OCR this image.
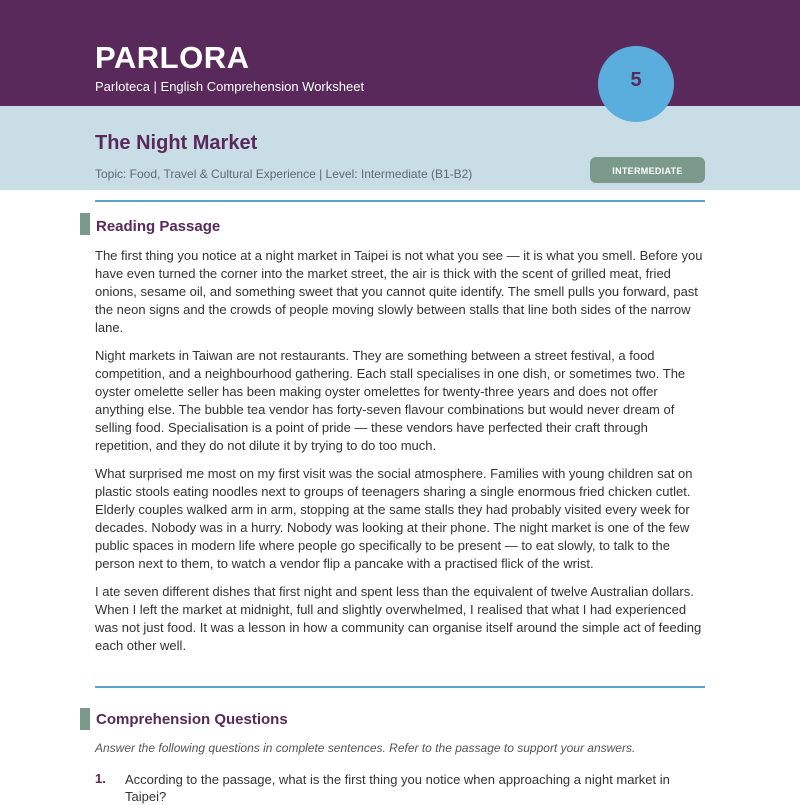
PARLORA
Parloteca | English Comprehension Worksheet
The Night Market
Topic: Food, Travel & Cultural Experience | Level: Intermediate (B1-B2)
5
INTERMEDIATE
Reading Passage

The first thing you notice at a night market in Taipei is not what you see — it is what you smell. Before you have even turned the corner into the market street, the air is thick with the scent of grilled meat, fried onions, sesame oil, and something sweet that you cannot quite identify. The smell pulls you forward, past the neon signs and the crowds of people moving slowly between stalls that line both sides of the narrow lane.

Night markets in Taiwan are not restaurants. They are something between a street festival, a food competition, and a neighbourhood gathering. Each stall specialises in one dish, or sometimes two. The oyster omelette seller has been making oyster omelettes for twenty-three years and does not offer anything else. The bubble tea vendor has forty-seven flavour combinations but would never dream of selling food. Specialisation is a point of pride — these vendors have perfected their craft through repetition, and they do not dilute it by trying to do too much.

What surprised me most on my first visit was the social atmosphere. Families with young children sat on plastic stools eating noodles next to groups of teenagers sharing a single enormous fried chicken cutlet. Elderly couples walked arm in arm, stopping at the same stalls they had probably visited every week for decades. Nobody was in a hurry. Nobody was looking at their phone. The night market is one of the few public spaces in modern life where people go specifically to be present — to eat slowly, to talk to the person next to them, to watch a vendor flip a pancake with a practised flick of the wrist.

I ate seven different dishes that first night and spent less than the equivalent of twelve Australian dollars. When I left the market at midnight, full and slightly overwhelmed, I realised that what I had experienced was not just food. It was a lesson in how a community can organise itself around the simple act of feeding each other well.

Comprehension Questions
Answer the following questions in complete sentences. Refer to the passage to support your answers.
1. According to the passage, what is the first thing you notice when approaching a night market in Taipei?
